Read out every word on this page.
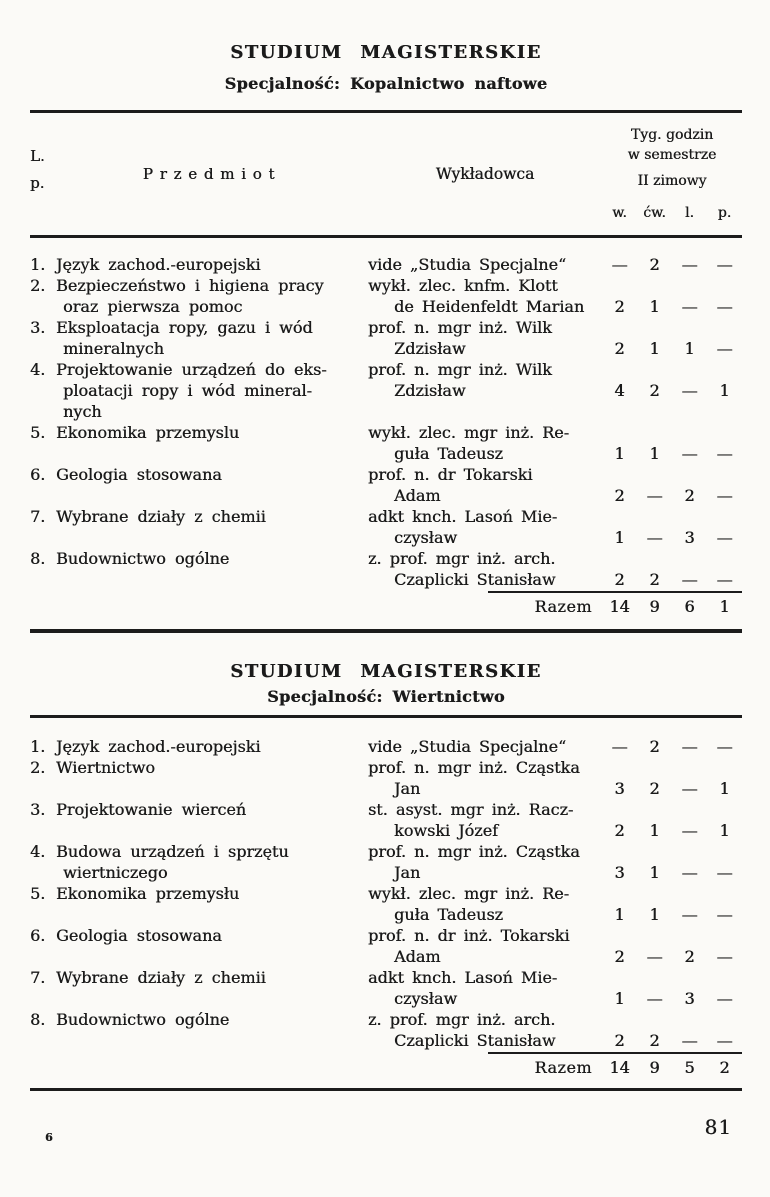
STUDIUM MAGISTERSKIE
Specjalność: Kopalnictwo naftowe
L.
p.	Przedmiot	Wykładowca
Tyg. godzin
w semestrze
II zimowy
w.	ćw.	l.	p.
1. Język zachod.-europejski	vide „Studia Specjalne“	—	2	—	—
2. Bezpieczeństwo i higiena pracy
oraz pierwsza pomoc
wykł. zlec. knfm. Klott
de Heidenfeldt Marian	2	1	—	—
3. Eksploatacja ropy, gazu i wód
mineralnych
prof. n. mgr inż. Wilk
Zdzisław	2	1	1	—
4. Projektowanie urządzeń do eks-
ploatacji ropy i wód mineral-
nych
prof. n. mgr inż. Wilk
Zdzisław	4	2	—	1
5. Ekonomika przemyslu	wykł. zlec. mgr inż. Re-
guła Tadeusz	1	1	—	—
6. Geologia stosowana	prof. n. dr Tokarski
Adam	2	—	2	—
7. Wybrane działy z chemii	adkt knch. Lasoń Mie-
czysław	1	—	3	—
8. Budownictwo ogólne	z. prof. mgr inż. arch.
Czaplicki Stanisław	2	2	—	—
Razem	14	9	6	1
STUDIUM MAGISTERSKIE
Specjalność: Wiertnictwo
1. Język zachod.-europejski	vide „Studia Specjalne“	—	2	—	—
2. Wiertnictwo	prof. n. mgr inż. Cząstka
Jan	3	2	—	1
3. Projektowanie wierceń	st. asyst. mgr inż. Racz-
kowski Józef	2	1	—	1
4. Budowa urządzeń i sprzętu
wiertniczego
prof. n. mgr inż. Cząstka
Jan	3	1	—	—
5. Ekonomika przemysłu	wykł. zlec. mgr inż. Re-
guła Tadeusz	1	1	—	—
6. Geologia stosowana	prof. n. dr inż. Tokarski
Adam	2	—	2	—
7. Wybrane działy z chemii	adkt knch. Lasoń Mie-
czysław	1	—	3	—
8. Budownictwo ogólne	z. prof. mgr inż. arch.
Czaplicki Stanisław	2	2	—	—
Razem	14	9	5	2
6	81
